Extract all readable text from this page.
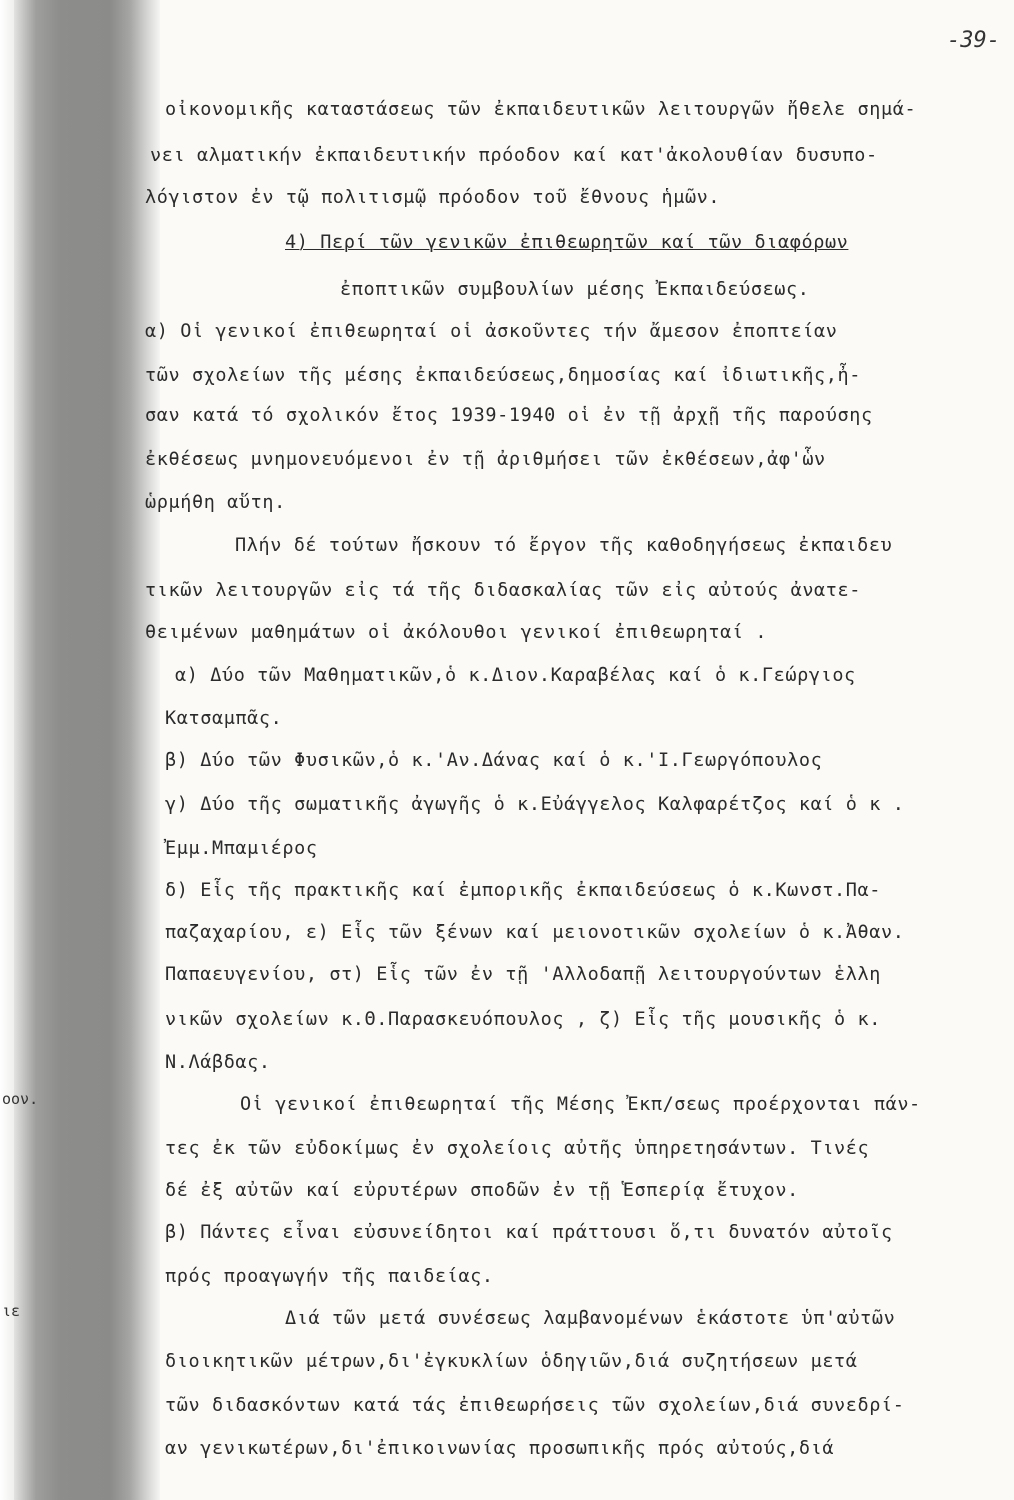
οον.
ιε
-39-
οἰκονομικῆς καταστάσεως τῶν ἐκπαιδευτικῶν λειτουργῶν ἤθελε σημά-
νει αλματικήν ἐκπαιδευτικήν πρόοδον καί κατ'ἀκολουθίαν δυσυπο-
λόγιστον ἐν τῷ πολιτισμῷ πρόοδον τοῦ ἔθνους ἡμῶν.
4) Περί τῶν γενικῶν ἐπιθεωρητῶν καί τῶν διαφόρων
ἐποπτικῶν συμβουλίων μέσης Ἐκπαιδεύσεως.
α) Οἱ γενικοί ἐπιθεωρηταί οἱ ἀσκοῦντες τήν ἄμεσον ἐποπτείαν
τῶν σχολείων τῆς μέσης ἐκπαιδεύσεως,δημοσίας καί ἰδιωτικῆς,ἦ-
σαν κατά τό σχολικόν ἔτος 1939-1940 οἱ ἐν τῇ ἀρχῇ τῆς παρούσης
ἐκθέσεως μνημονευόμενοι ἐν τῇ ἀριθμήσει τῶν ἐκθέσεων,ἀφ'ὧν
ὡρμήθη αὕτη.
Πλήν δέ τούτων ἤσκουν τό ἔργον τῆς καθοδηγήσεως ἐκπαιδευ
τικῶν λειτουργῶν εἰς τά τῆς διδασκαλίας τῶν εἰς αὐτούς ἀνατε-
θειμένων μαθημάτων οἱ ἀκόλουθοι γενικοί ἐπιθεωρηταί .
α) Δύο τῶν Μαθηματικῶν,ὁ κ.Διον.Καραβέλας καί ὁ κ.Γεώργιος
Κατσαμπᾶς.
β) Δύο τῶν Φυσικῶν,ὁ κ.'Αν.Δάνας καί ὁ κ.'Ι.Γεωργόπουλος
γ) Δύο τῆς σωματικῆς ἀγωγῆς ὁ κ.Εὐάγγελος Καλφαρέτζος καί ὁ κ .
Ἐμμ.Μπαμιέρος
δ) Εἷς τῆς πρακτικῆς καί ἐμπορικῆς ἐκπαιδεύσεως ὁ κ.Κωνστ.Πα-
παζαχαρίου, ε) Εἷς τῶν ξένων καί μειονοτικῶν σχολείων ὁ κ.Ἀθαν.
Παπαευγενίου, στ) Εἷς τῶν ἐν τῇ 'Αλλοδαπῇ λειτουργούντων ἑλλη
νικῶν σχολείων κ.Θ.Παρασκευόπουλος , ζ) Εἷς τῆς μουσικῆς ὁ κ.
Ν.Λάβδας.
Οἱ γενικοί ἐπιθεωρηταί τῆς Μέσης Ἐκπ/σεως προέρχονται πάν-
τες ἐκ τῶν εὐδοκίμως ἐν σχολείοις αὐτῆς ὑπηρετησάντων. Τινές
δέ ἐξ αὐτῶν καί εὐρυτέρων σποδῶν ἐν τῇ Ἑσπερίᾳ ἔτυχον.
β) Πάντες εἶναι εὐσυνείδητοι καί πράττουσι ὅ,τι δυνατόν αὐτοῖς
πρός προαγωγήν τῆς παιδείας.
Διά τῶν μετά συνέσεως λαμβανομένων ἑκάστοτε ὑπ'αὐτῶν
διοικητικῶν μέτρων,δι'ἐγκυκλίων ὁδηγιῶν,διά συζητήσεων μετά
τῶν διδασκόντων κατά τάς ἐπιθεωρήσεις τῶν σχολείων,διά συνεδρί-
αν γενικωτέρων,δι'ἐπικοινωνίας προσωπικῆς πρός αὐτούς,διά
